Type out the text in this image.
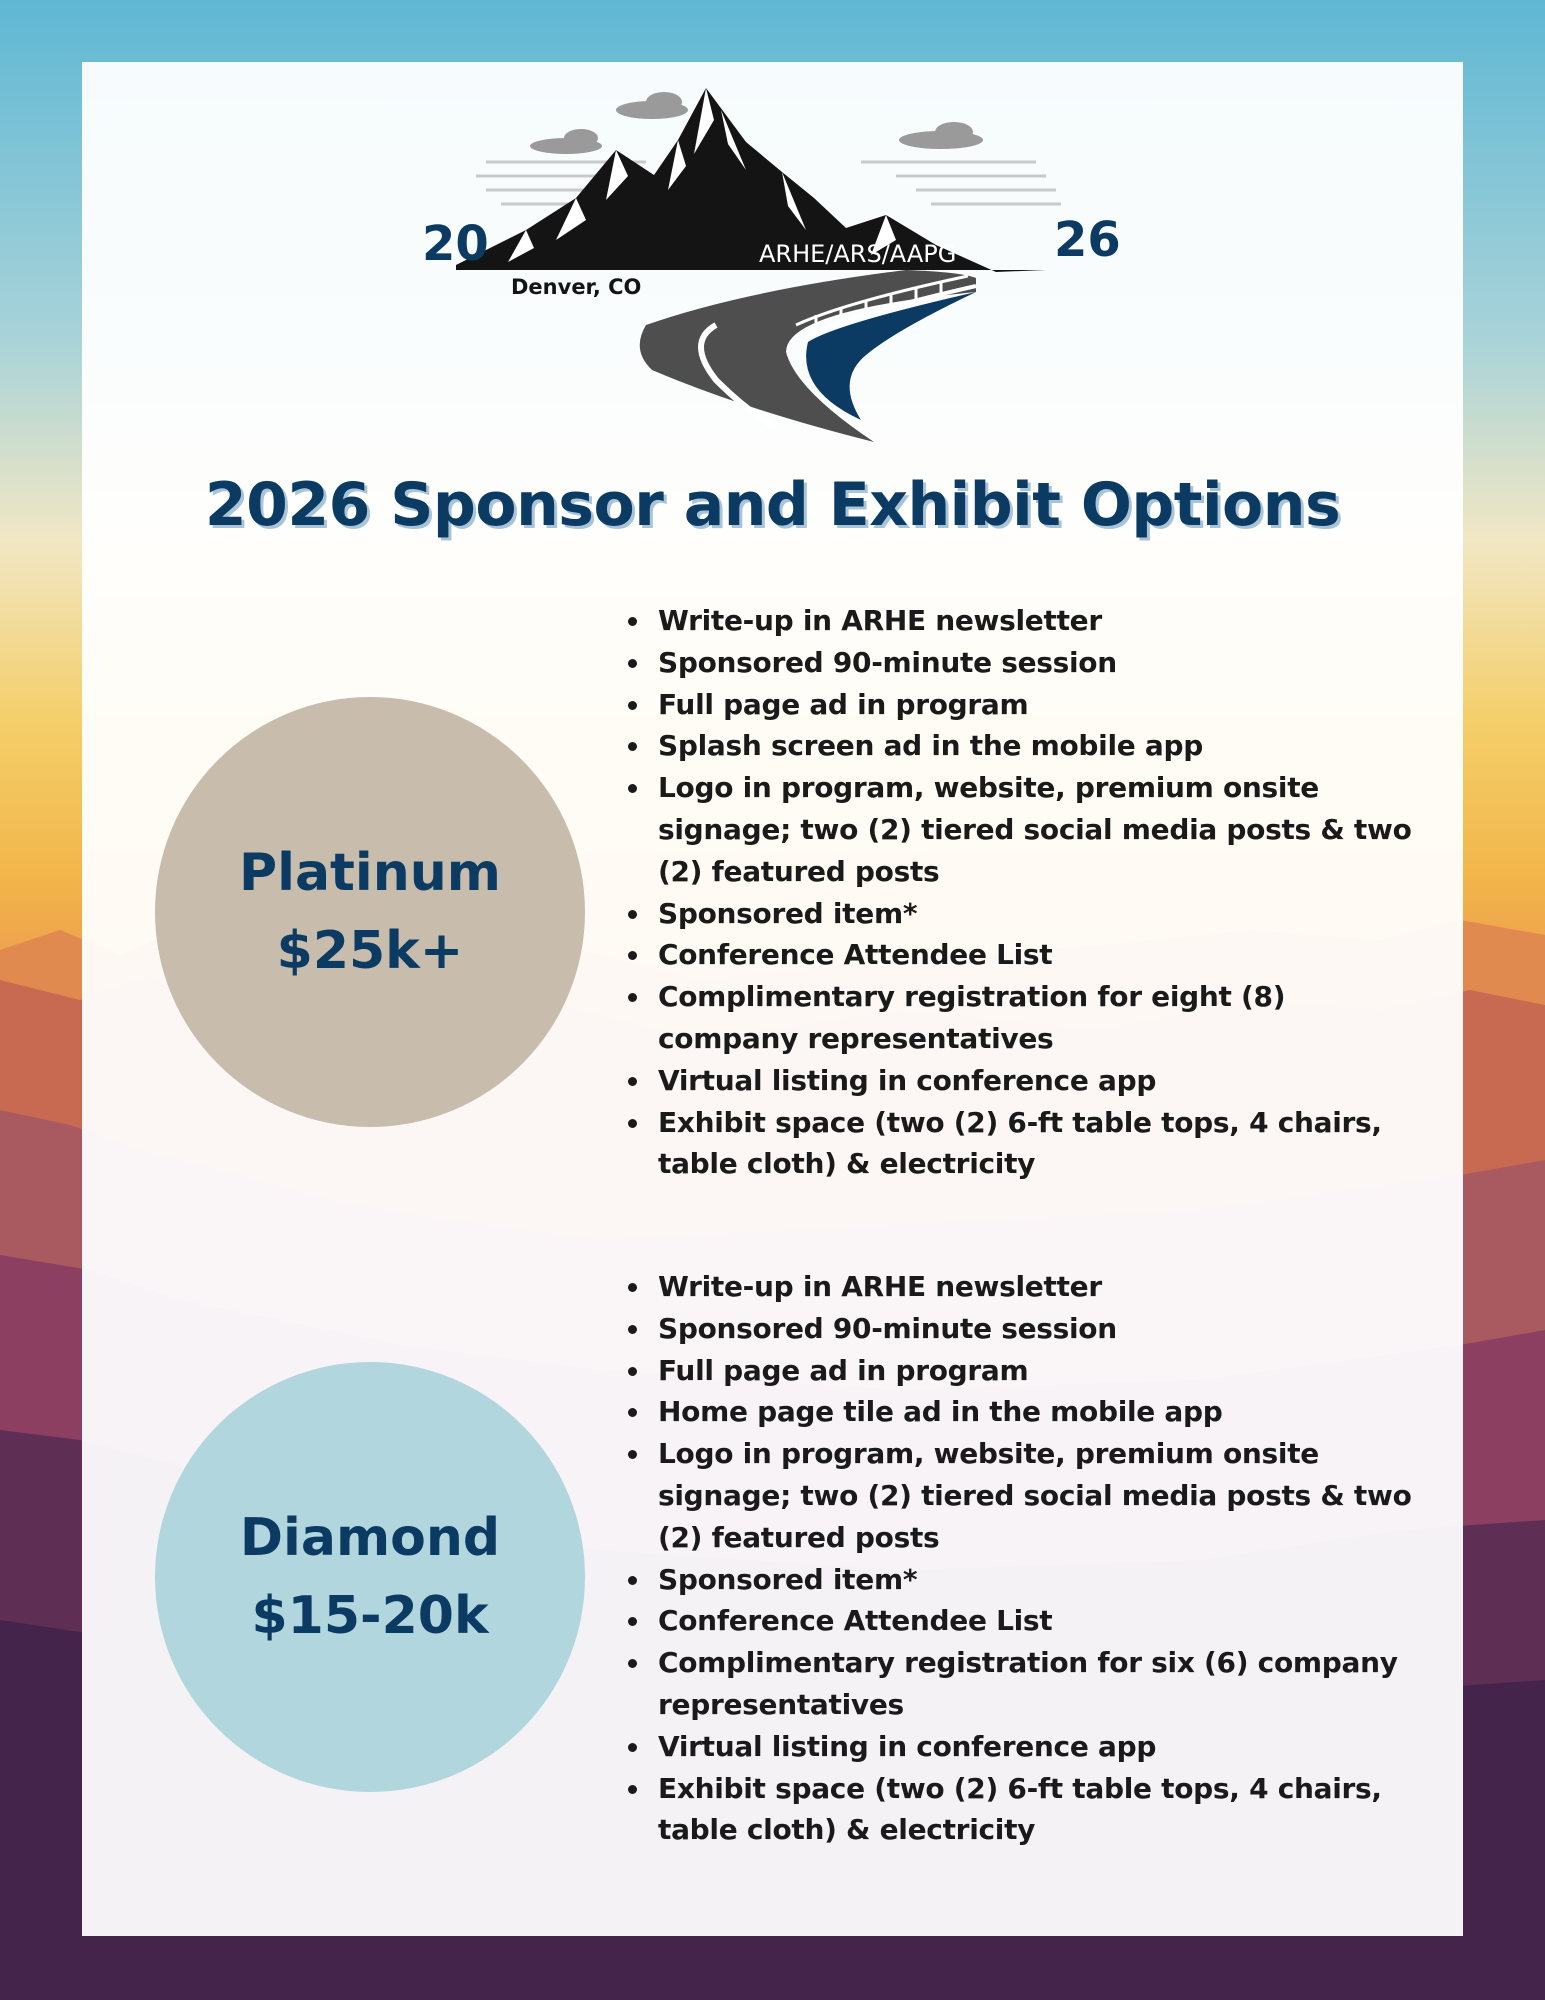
20	26
ARHE/ARS/AAPG
Denver, CO
2026 Sponsor and Exhibit Options
Platinum
$25k+
• Write-up in ARHE newsletter
• Sponsored 90-minute session
• Full page ad in program
• Splash screen ad in the mobile app
• Logo in program, website, premium onsite signage; two (2) tiered social media posts & two (2) featured posts
• Sponsored item*
• Conference Attendee List
• Complimentary registration for eight (8) company representatives
• Virtual listing in conference app
• Exhibit space (two (2) 6-ft table tops, 4 chairs, table cloth) & electricity
Diamond
$15-20k
• Write-up in ARHE newsletter
• Sponsored 90-minute session
• Full page ad in program
• Home page tile ad in the mobile app
• Logo in program, website, premium onsite signage; two (2) tiered social media posts & two (2) featured posts
• Sponsored item*
• Conference Attendee List
• Complimentary registration for six (6) company representatives
• Virtual listing in conference app
• Exhibit space (two (2) 6-ft table tops, 4 chairs, table cloth) & electricity
